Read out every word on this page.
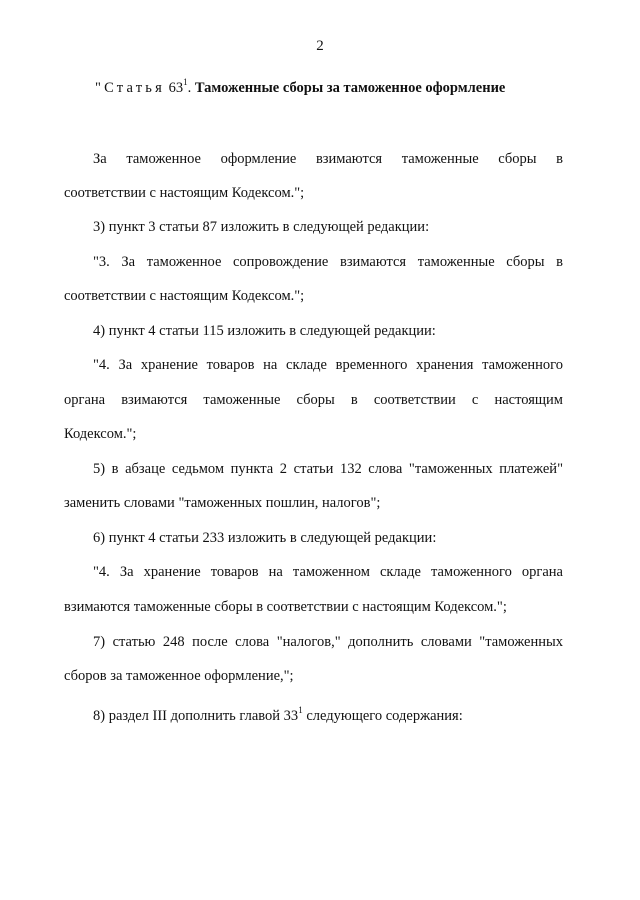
2
"Статья $63^1$. Таможенные сборы за таможенное оформление
За таможенное оформление взимаются таможенные сборы в
соответствии с настоящим Кодексом.";
3) пункт 3 статьи 87 изложить в следующей редакции:
"3. За таможенное сопровождение взимаются таможенные сборы в
соответствии с настоящим Кодексом.";
4) пункт 4 статьи 115 изложить в следующей редакции:
"4. За хранение товаров на складе временного хранения таможенного
органа взимаются таможенные сборы в соответствии с настоящим
Кодексом.";
5) в абзаце седьмом пункта 2 статьи 132 слова "таможенных платежей"
заменить словами "таможенных пошлин, налогов";
6) пункт 4 статьи 233 изложить в следующей редакции:
"4. За хранение товаров на таможенном складе таможенного органа
взимаются таможенные сборы в соответствии с настоящим Кодексом.";
7) статью 248 после слова "налогов," дополнить словами "таможенных
сборов за таможенное оформление,";
8) раздел III дополнить главой $33^1$ следующего содержания:
